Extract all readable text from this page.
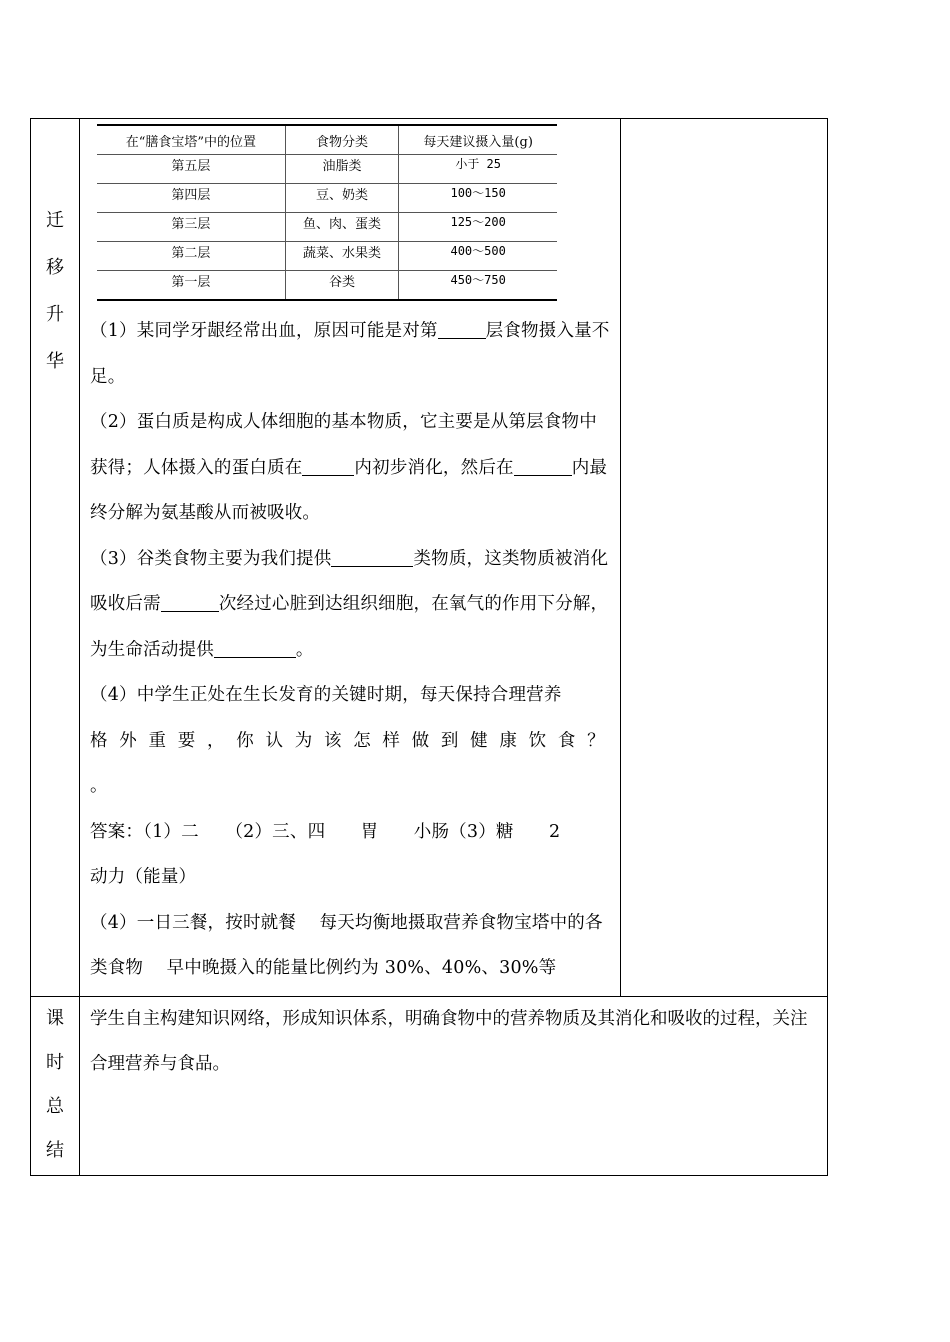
迁
移
升
华

在“膳食宝塔”中的位置	食物分类	每天建议摄入量(g)
第五层	油脂类	小于 25
第四层	豆、奶类	100～150
第三层	鱼、肉、蛋类	125～200
第二层	蔬菜、水果类	400～500
第一层	谷类	450～750

（1）某同学牙龈经常出血，原因可能是对第	层食物摄入量不足。

（2）蛋白质是构成人体细胞的基本物质，它主要是从第层食物中获得；人体摄入的蛋白质在	内初步消化，然后在	内最终分解为氨基酸从而被吸收。

（3）谷类食物主要为我们提供	类物质，这类物质被消化吸收后需	次经过心脏到达组织细胞，在氧气的作用下分解，为生命活动提供	。

（4）中学生正处在生长发育的关键时期，每天保持合理营养

格外重要，你认为该怎样做到健康饮食？

。

答案：（1）二　　（2）三、四　　胃　　小肠（3）糖　　2

动力（能量）

（4）一日三餐，按时就餐　 每天均衡地摄取营养食物宝塔中的各类食物　 早中晚摄入的能量比例约为 30%、40%、30%等

课
时
总
结

学生自主构建知识网络，形成知识体系，明确食物中的营养物质及其消化和吸收的过程，关注合理营养与食品。
